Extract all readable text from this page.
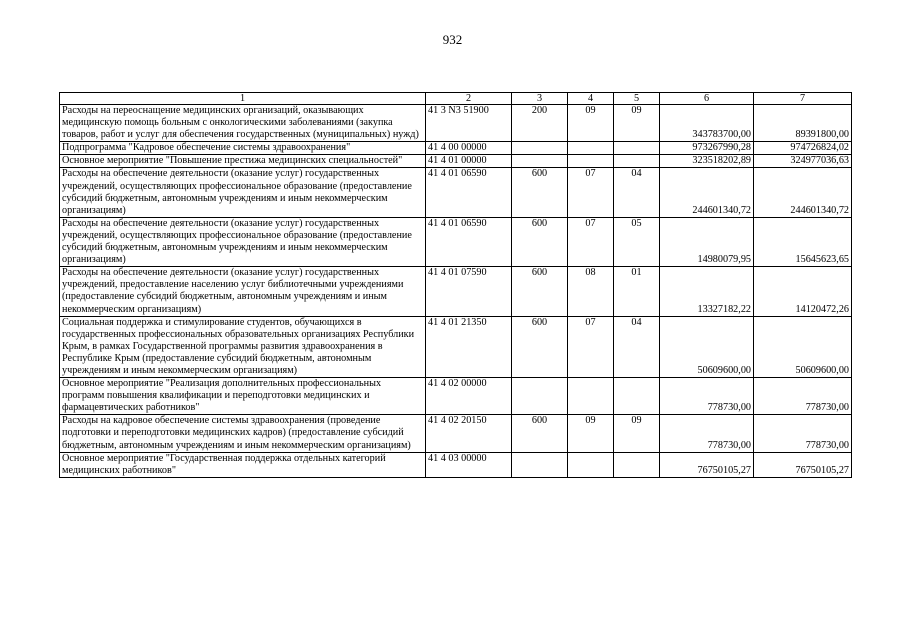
932
1	2	3	4	5	6	7
Расходы на переоснащение медицинских организаций, оказывающих медицинскую помощь больным с онкологическими заболеваниями (закупка товаров, работ и услуг для обеспечения государственных (муниципальных) нужд)	41 3 N3 51900	200	09	09	343783700,00	89391800,00
Подпрограмма "Кадровое обеспечение системы здравоохранения"	41 4 00 00000				973267990,28	974726824,02
Основное мероприятие "Повышение престижа медицинских специальностей"	41 4 01 00000				323518202,89	324977036,63
Расходы на обеспечение деятельности (оказание услуг) государственных учреждений, осуществляющих профессиональное образование (предоставление субсидий бюджетным, автономным учреждениям и иным некоммерческим организациям)	41 4 01 06590	600	07	04	244601340,72	244601340,72
Расходы на обеспечение деятельности (оказание услуг) государственных учреждений, осуществляющих профессиональное образование (предоставление субсидий бюджетным, автономным учреждениям и иным некоммерческим организациям)	41 4 01 06590	600	07	05	14980079,95	15645623,65
Расходы на обеспечение деятельности (оказание услуг) государственных учреждений, предоставление населению услуг библиотечными учреждениями (предоставление субсидий бюджетным, автономным учреждениям и иным некоммерческим организациям)	41 4 01 07590	600	08	01	13327182,22	14120472,26
Социальная поддержка и стимулирование студентов, обучающихся в государственных профессиональных образовательных организациях Республики Крым, в рамках Государственной программы развития здравоохранения в Республике Крым (предоставление субсидий бюджетным, автономным учреждениям и иным некоммерческим организациям)	41 4 01 21350	600	07	04	50609600,00	50609600,00
Основное мероприятие "Реализация дополнительных профессиональных программ повышения квалификации и переподготовки медицинских и фармацевтических работников"	41 4 02 00000				778730,00	778730,00
Расходы на кадровое обеспечение системы здравоохранения (проведение подготовки и переподготовки медицинских кадров) (предоставление субсидий бюджетным, автономным учреждениям и иным некоммерческим организациям)	41 4 02 20150	600	09	09	778730,00	778730,00
Основное мероприятие "Государственная поддержка отдельных категорий медицинских работников"	41 4 03 00000				76750105,27	76750105,27
